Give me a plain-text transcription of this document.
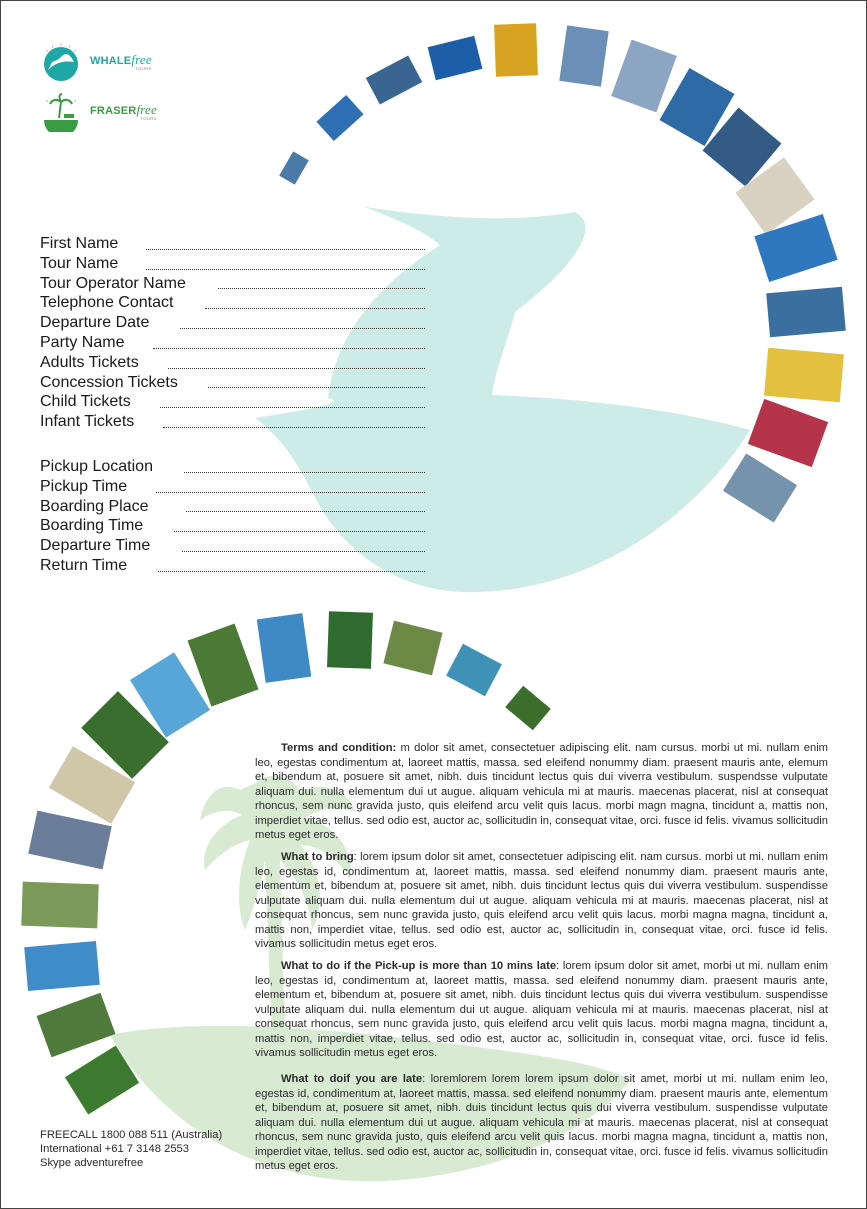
WHALEfree
TOURS
FRASERfree
TOURS
First Name
Tour Name
Tour Operator Name
Telephone Contact
Departure Date
Party Name
Adults Tickets
Concession Tickets
Child Tickets
Infant Tickets
Pickup Location
Pickup Time
Boarding Place
Boarding Time
Departure Time
Return Time

Terms and condition: m dolor sit amet, consectetuer adipiscing elit. nam cursus. morbi ut mi. nullam enim leo, egestas condimentum at, laoreet mattis, massa. sed eleifend nonummy diam. praesent mauris ante, elemum et, bibendum at, posuere sit amet, nibh. duis tincidunt lectus quis dui viverra vestibulum. suspendsse vulputate aliquam dui. nulla elementum dui ut augue. aliquam vehicula mi at mauris. maecenas placerat, nisl at consequat rhoncus, sem nunc gravida justo, quis eleifend arcu velit quis lacus. morbi magn magna, tincidunt a, mattis non, imperdiet vitae, tellus. sed odio est, auctor ac, sollicitudin in, consequat vitae, orci. fusce id felis. vivamus sollicitudin metus eget eros.

What to bring: lorem ipsum dolor sit amet, consectetuer adipiscing elit. nam cursus. morbi ut mi. nullam enim leo, egestas id, condimentum at, laoreet mattis, massa. sed eleifend nonummy diam. praesent mauris ante, elementum et, bibendum at, posuere sit amet, nibh. duis tincidunt lectus quis dui viverra vestibulum. suspendisse vulputate aliquam dui. nulla elementum dui ut augue. aliquam vehicula mi at mauris. maecenas placerat, nisl at consequat rhoncus, sem nunc gravida justo, quis eleifend arcu velit quis lacus. morbi magna magna, tincidunt a, mattis non, imperdiet vitae, tellus. sed odio est, auctor ac, sollicitudin in, consequat vitae, orci. fusce id felis. vivamus sollicitudin metus eget eros.

What to do if the Pick-up is more than 10 mins late: lorem ipsum dolor sit amet, morbi ut mi. nullam enim leo, egestas id, condimentum at, laoreet mattis, massa. sed eleifend nonummy diam. praesent mauris ante, elementum et, bibendum at, posuere sit amet, nibh. duis tincidunt lectus quis dui viverra vestibulum. suspendisse vulputate aliquam dui. nulla elementum dui ut augue. aliquam vehicula mi at mauris. maecenas placerat, nisl at consequat rhoncus, sem nunc gravida justo, quis eleifend arcu velit quis lacus. morbi magna magna, tincidunt a, mattis non, imperdiet vitae, tellus. sed odio est, auctor ac, sollicitudin in, consequat vitae, orci. fusce id felis. vivamus sollicitudin metus eget eros.

What to doif you are late: loremlorem lorem lorem ipsum dolor sit amet, morbi ut mi. nullam enim leo, egestas id, condimentum at, laoreet mattis, massa. sed eleifend nonummy diam. praesent mauris ante, elementum et, bibendum at, posuere sit amet, nibh. duis tincidunt lectus quis dui viverra vestibulum. suspendisse vulputate aliquam dui. nulla elementum dui ut augue. aliquam vehicula mi at mauris. maecenas placerat, nisl at consequat rhoncus, sem nunc gravida justo, quis eleifend arcu velit quis lacus. morbi magna magna, tincidunt a, mattis non, imperdiet vitae, tellus. sed odio est, auctor ac, sollicitudin in, consequat vitae, orci. fusce id felis. vivamus sollicitudin metus eget eros.

FREECALL 1800 088 511 (Australia)
International +61 7 3148 2553
Skype adventurefree
